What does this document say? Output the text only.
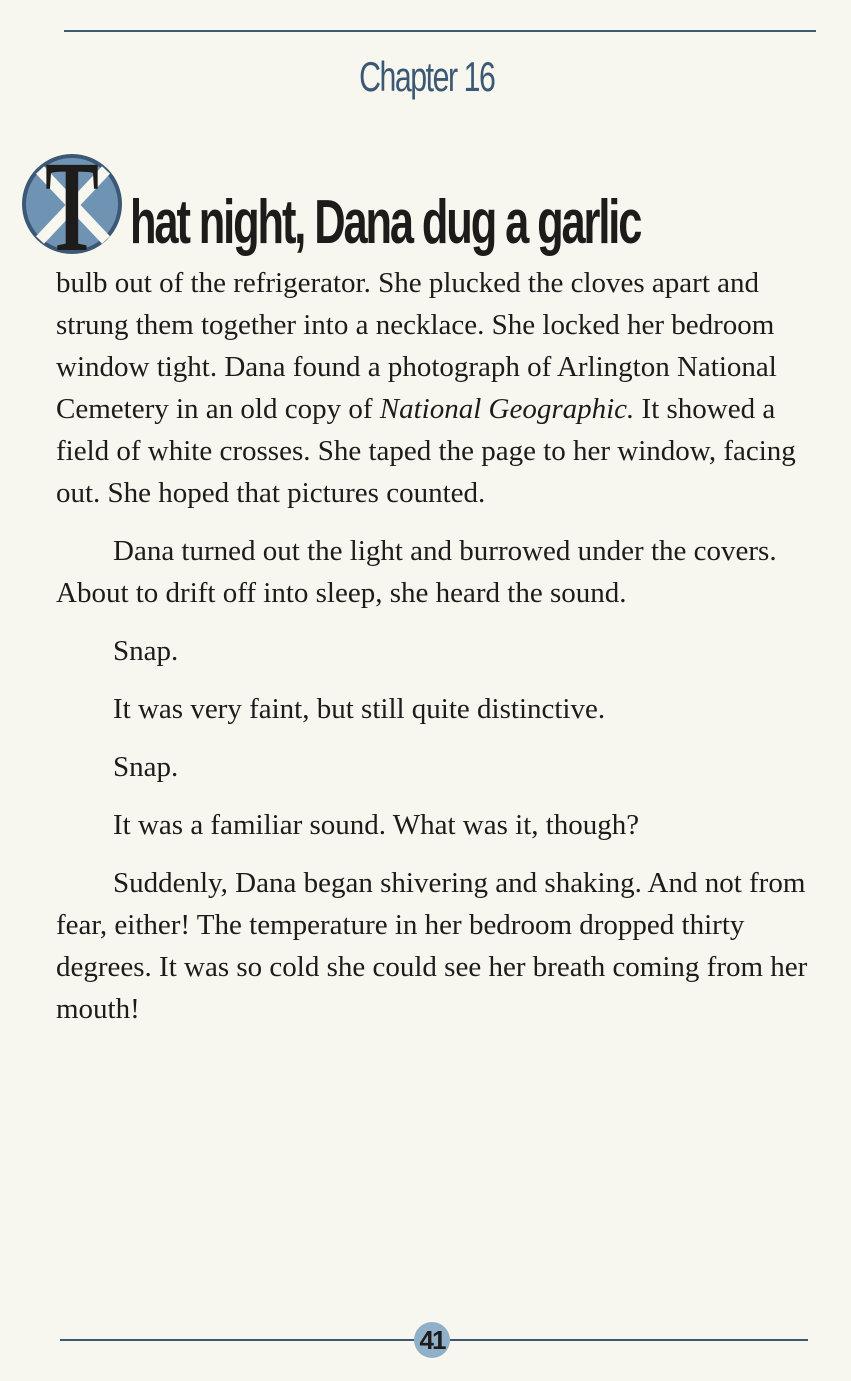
Chapter 16
T hat night, Dana dug a garlic

bulb out of the refrigerator. She plucked the cloves apart and strung them together into a necklace. She locked her bedroom window tight. Dana found a photograph of Arlington National Cemetery in an old copy of National Geographic. It showed a field of white crosses. She taped the page to her window, facing out. She hoped that pictures counted.

Dana turned out the light and burrowed under the covers. About to drift off into sleep, she heard the sound.

Snap.

It was very faint, but still quite distinctive.

Snap.

It was a familiar sound. What was it, though?

Suddenly, Dana began shivering and shaking. And not from fear, either! The temperature in her bedroom dropped thirty degrees. It was so cold she could see her breath coming from her mouth!

41
